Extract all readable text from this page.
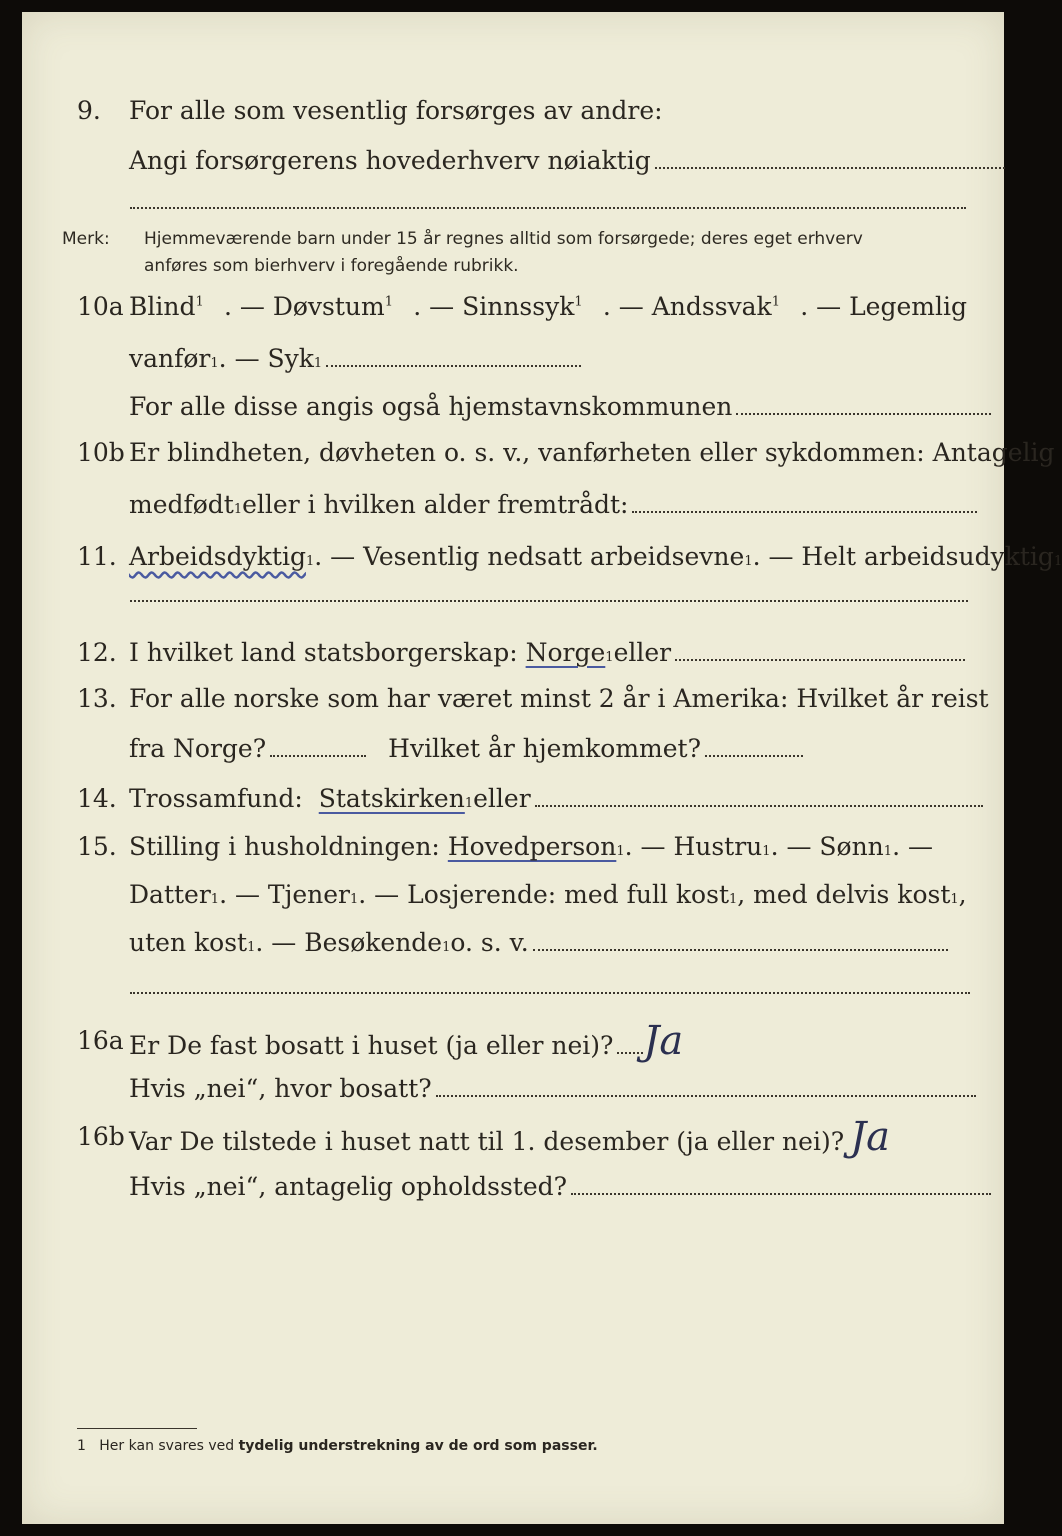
9. For alle som vesentlig forsørges av andre:
Angi forsørgerens hovederhverv nøiaktig
Merk: Hjemmeværende barn under 15 år regnes alltid som forsørgede; deres eget erhverv
anføres som bierhverv i foregående rubrikk.
10a Blind$^1$ . — Døvstum$^1$ . — Sinnssyk$^1$ . — Andssvak$^1$ . — Legemlig
vanfør 1 . — Syk 1
For alle disse angis også hjemstavnskommunen
10b Er blindheten, døvheten o. s. v., vanførheten eller sykdommen: Antagelig
medfødt 1 eller i hvilken alder fremtrådt:
11. Arbeidsdyktig 1 . — Vesentlig nedsatt arbeidsevne 1 . — Helt arbeidsudyktig 1
12. I hvilket land statsborgerskap:
Norge 1 eller
13. For alle norske som har været minst 2 år i Amerika: Hvilket år reist
fra Norge?	Hvilket år hjemkommet?
14. Trossamfund:
Statskirken 1 eller
15. Stilling i husholdningen:
Hovedperson 1 . — Hustru 1 . — Sønn 1 . —
Datter 1 . — Tjener 1 . — Losjerende: med full kost 1 , med delvis kost 1 ,
uten kost 1 . — Besøkende 1 o. s. v.
16a Er De fast bosatt i huset (ja eller nei)? Ja
Hvis „nei“, hvor bosatt?
16b Var De tilstede i huset natt til 1. desember (ja eller nei)? Ja
Hvis „nei“, antagelig opholdssted?
1 Her kan svares ved tydelig understrekning av de ord som passer.
